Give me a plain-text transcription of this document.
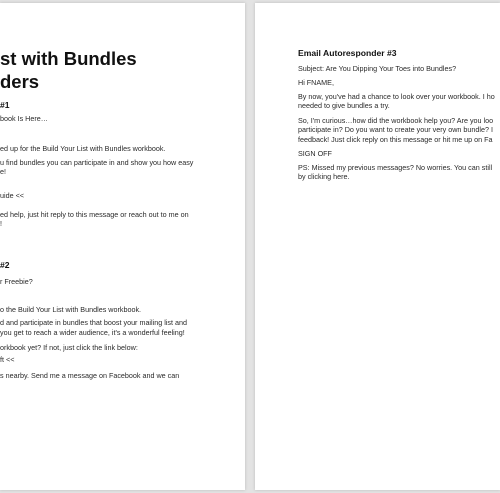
st with Bundles
ders
#1
book Is Here…
ed up for the Build Your List with Bundles workbook.
u find bundles you can participate in and show you how easy
e!
uide <<
ed help, just hit reply to this message or reach out to me on
!
#2
r Freebie?
o the Build Your List with Bundles workbook.
d and participate in bundles that boost your mailing list and
you get to reach a wider audience, it's a wonderful feeling!
orkbook yet? If not, just click the link below:
ft <<
s nearby. Send me a message on Facebook and we can
Email Autoresponder #3
Subject: Are You Dipping Your Toes into Bundles?
Hi FNAME,
By now, you've had a chance to look over your workbook. I ho
needed to give bundles a try.
So, I'm curious…how did the workbook help you? Are you loo
participate in? Do you want to create your very own bundle? I
feedback! Just click reply on this message or hit me up on Fa
SIGN OFF
PS: Missed my previous messages? No worries. You can still
by clicking here.
